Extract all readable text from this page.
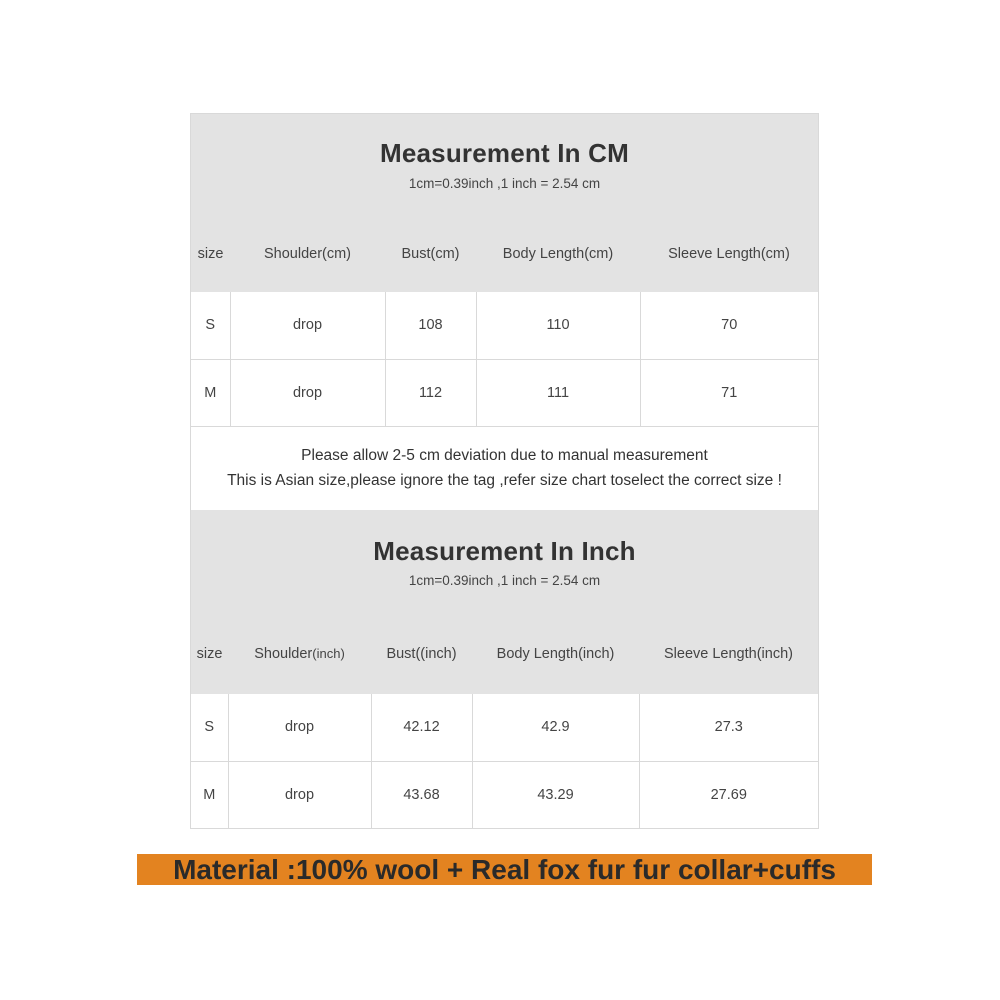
Measurement In CM
1cm=0.39inch ,1 inch = 2.54 cm
size	Shoulder(cm)	Bust(cm)	Body Length(cm)	Sleeve Length(cm)
S	drop	108	110	70
M	drop	112	111	71
Please allow 2-5 cm deviation due to manual measurement
This is Asian size,please ignore the tag ,refer size chart toselect the correct size !
Measurement In Inch
1cm=0.39inch ,1 inch = 2.54 cm
size	Shoulder(inch)	Bust((inch)	Body Length(inch)	Sleeve Length(inch)
S	drop	42.12	42.9	27.3
M	drop	43.68	43.29	27.69
Material :100% wool + Real fox fur fur collar+cuffs
